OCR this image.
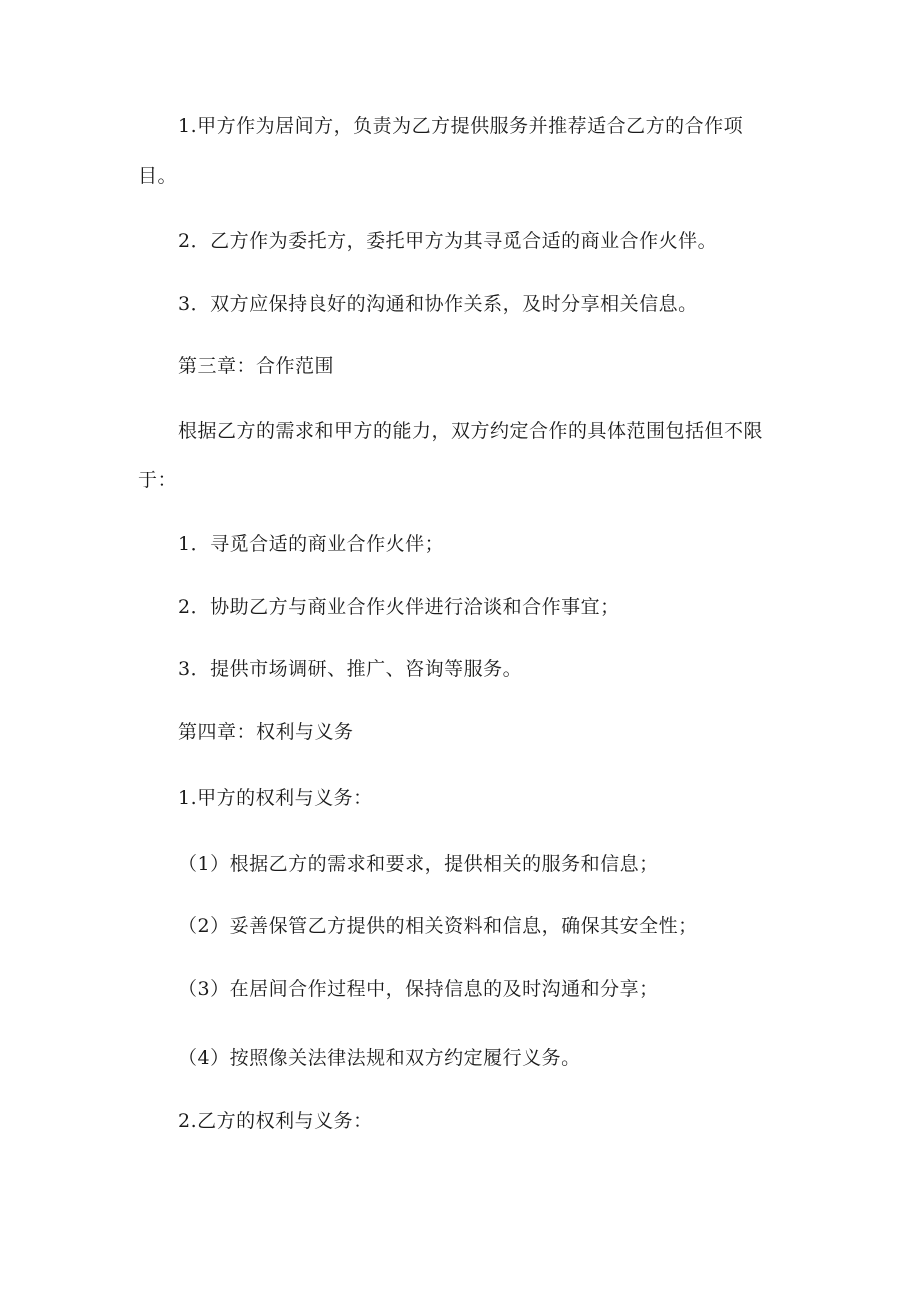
1.甲方作为居间方，负责为乙方提供服务并推荐适合乙方的合作项
目。
2．乙方作为委托方，委托甲方为其寻觅合适的商业合作火伴。
3．双方应保持良好的沟通和协作关系，及时分享相关信息。
第三章：合作范围
根据乙方的需求和甲方的能力，双方约定合作的具体范围包括但不限
于：
1．寻觅合适的商业合作火伴；
2．协助乙方与商业合作火伴进行洽谈和合作事宜；
3．提供市场调研、推广、咨询等服务。
第四章：权利与义务
1.甲方的权利与义务：
（1）根据乙方的需求和要求，提供相关的服务和信息；
（2）妥善保管乙方提供的相关资料和信息，确保其安全性；
（3）在居间合作过程中，保持信息的及时沟通和分享；
（4）按照像关法律法规和双方约定履行义务。
2.乙方的权利与义务：
